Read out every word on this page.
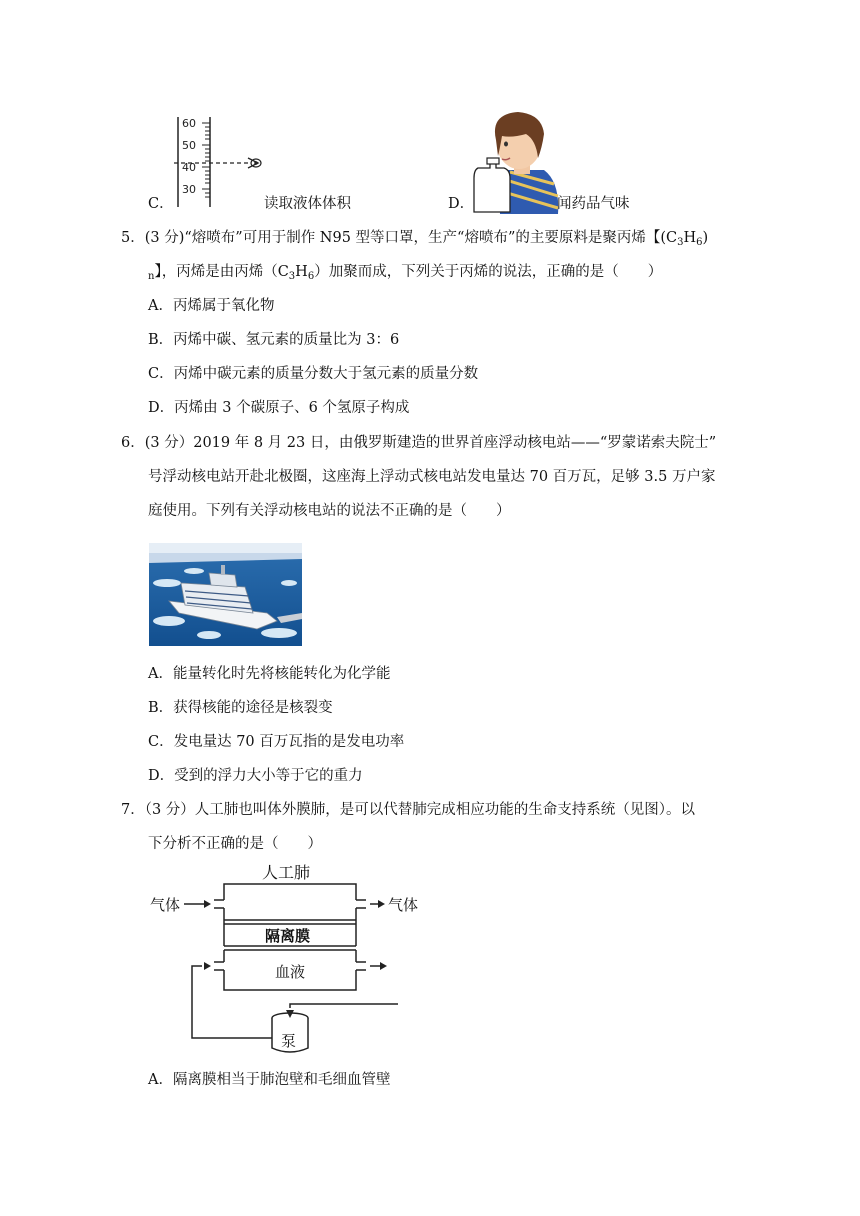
60
50
40
30
C．	读取液体体积	D．	闻药品气味
5．(3 分)“熔喷布”可用于制作 N95 型等口罩，生产“熔喷布”的主要原料是聚丙烯【$(C_3H_6)$
$_n$】，丙烯是由丙烯$(C_3H_6)$加聚而成，下列关于丙烯的说法，正确的是（　　）
A．丙烯属于氧化物
B．丙烯中碳、氢元素的质量比为 3：6
C．丙烯中碳元素的质量分数大于氢元素的质量分数
D．丙烯由 3 个碳原子、6 个氢原子构成
6．(3 分）2019 年 8 月 23 日，由俄罗斯建造的世界首座浮动核电站——“罗蒙诺索夫院士”
号浮动核电站开赴北极圈，这座海上浮动式核电站发电量达 70 百万瓦，足够 3.5 万户家
庭使用。下列有关浮动核电站的说法不正确的是（　　）
A．能量转化时先将核能转化为化学能
B．获得核能的途径是核裂变
C．发电量达 70 百万瓦指的是发电功率
D．受到的浮力大小等于它的重力
7．（3 分）人工肺也叫体外膜肺，是可以代替肺完成相应功能的生命支持系统（见图）。以
下分析不正确的是（　　）
人工肺
气体	气体
隔离膜
血液
泵
A．隔离膜相当于肺泡壁和毛细血管壁
